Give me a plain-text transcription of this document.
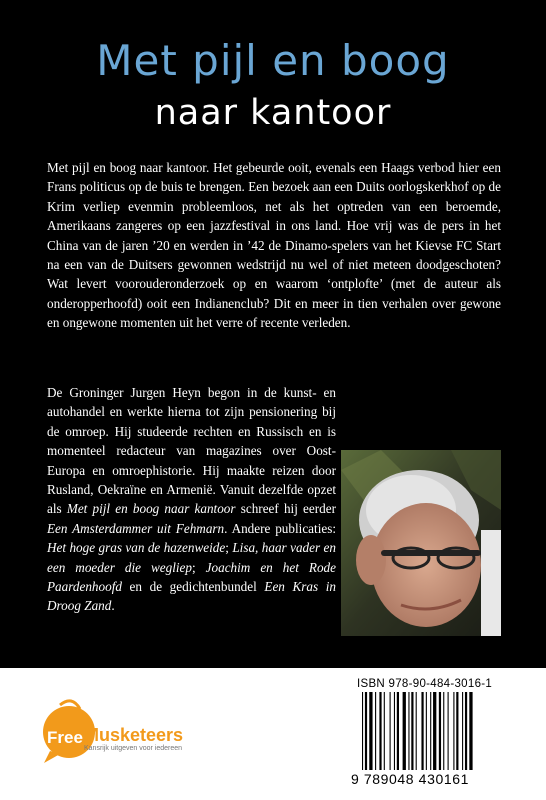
Met pijl en boog
naar kantoor

Met pijl en boog naar kantoor. Het gebeurde ooit, evenals een Haags verbod hier een Frans politicus op de buis te brengen. Een bezoek aan een Duits oorlogskerkhof op de Krim verliep evenmin probleemloos, net als het optreden van een beroemde, Amerikaans zangeres op een jazzfestival in ons land. Hoe vrij was de pers in het China van de jaren ’20 en werden in ’42 de Dinamo-spelers van het Kievse FC Start na een van de Duitsers gewonnen wedstrijd nu wel of niet meteen doodgeschoten? Wat levert voorouderonderzoek op en waarom ‘ontplofte’ (met de auteur als onderopperhoofd) ooit een Indianenclub? Dit en meer in tien verhalen over gewone en ongewone momenten uit het verre of recente verleden.

De Groninger Jurgen Heyn begon in de kunst- en autohandel en werkte hierna tot zijn pensionering bij de omroep. Hij studeerde rechten en Russisch en is momenteel redacteur van magazines over Oost-Europa en omroephistorie. Hij maakte reizen door Rusland, Oekraïne en Armenië. Vanuit dezelfde opzet als Met pijl en boog naar kantoor schreef hij eerder Een Amsterdammer uit Fehmarn. Andere publicaties: Het hoge gras van de hazenweide; Lisa, haar vader en een moeder die wegliep; Joachim en het Rode Paardenhoofd en de gedichtenbundel Een Kras in Droog Zand.
ISBN 978-90-484-3016-1
9 789048 430161
Free Musketeers
Kansrijk uitgeven voor iedereen
